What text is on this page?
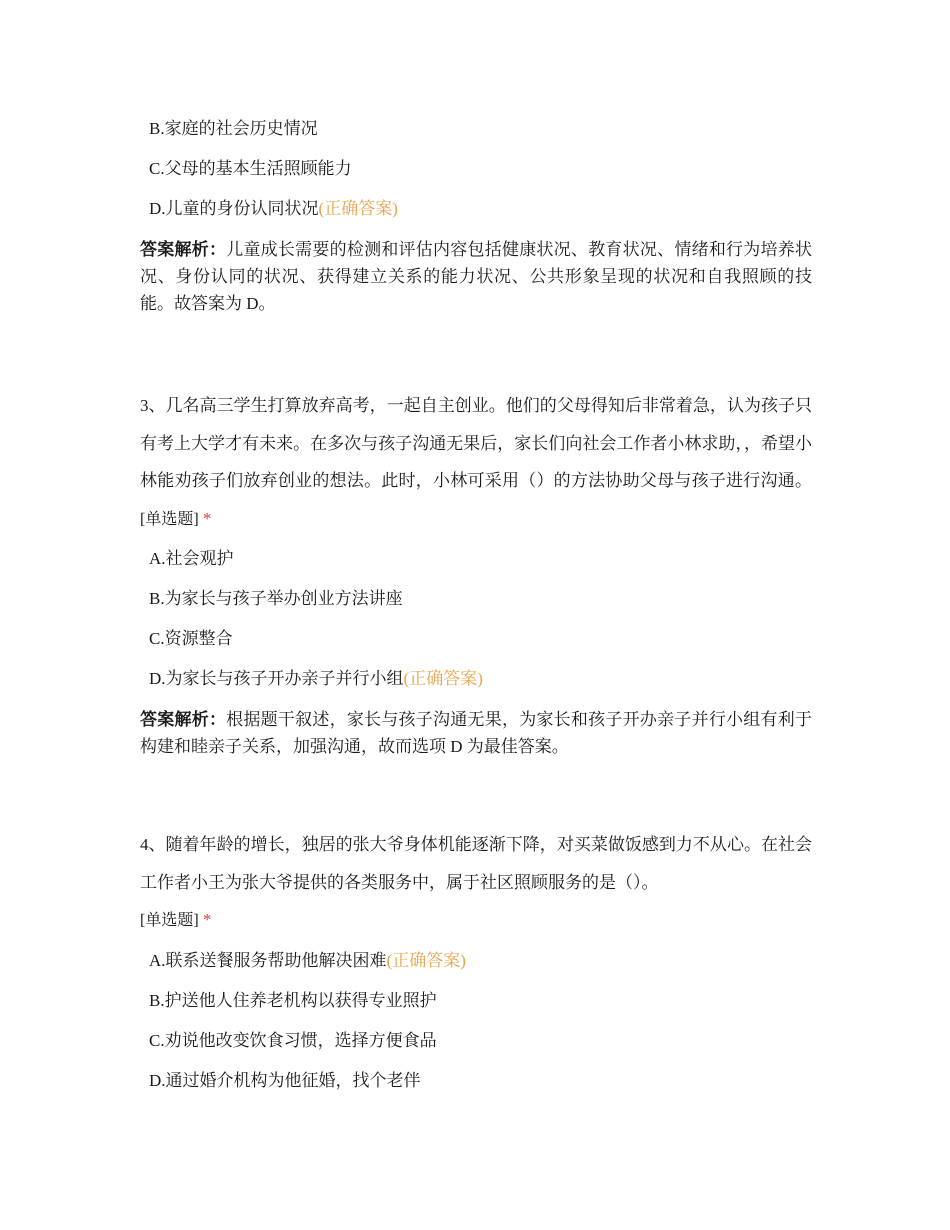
B.家庭的社会历史情况
C.父母的基本生活照顾能力
D.儿童的身份认同状况(正确答案)
答案解析：儿童成长需要的检测和评估内容包括健康状况、教育状况、情绪和行为培养状况、身份认同的状况、获得建立关系的能力状况、公共形象呈现的状况和自我照顾的技能。故答案为 D。
3、几名高三学生打算放弃高考，一起自主创业。他们的父母得知后非常着急，认为孩子只有考上大学才有未来。在多次与孩子沟通无果后，家长们向社会工作者小林求助，，希望小林能劝孩子们放弃创业的想法。此时，小林可采用（）的方法协助父母与孩子进行沟通。 [单选题] *
A.社会观护
B.为家长与孩子举办创业方法讲座
C.资源整合
D.为家长与孩子开办亲子并行小组(正确答案)
答案解析：根据题干叙述，家长与孩子沟通无果，为家长和孩子开办亲子并行小组有利于构建和睦亲子关系，加强沟通，故而选项 D 为最佳答案。
4、随着年龄的增长，独居的张大爷身体机能逐渐下降，对买菜做饭感到力不从心。在社会工作者小王为张大爷提供的各类服务中，属于社区照顾服务的是（）。
[单选题] *
A.联系送餐服务帮助他解决困难(正确答案)
B.护送他人住养老机构以获得专业照护
C.劝说他改变饮食习惯，选择方便食品
D.通过婚介机构为他征婚，找个老伴
